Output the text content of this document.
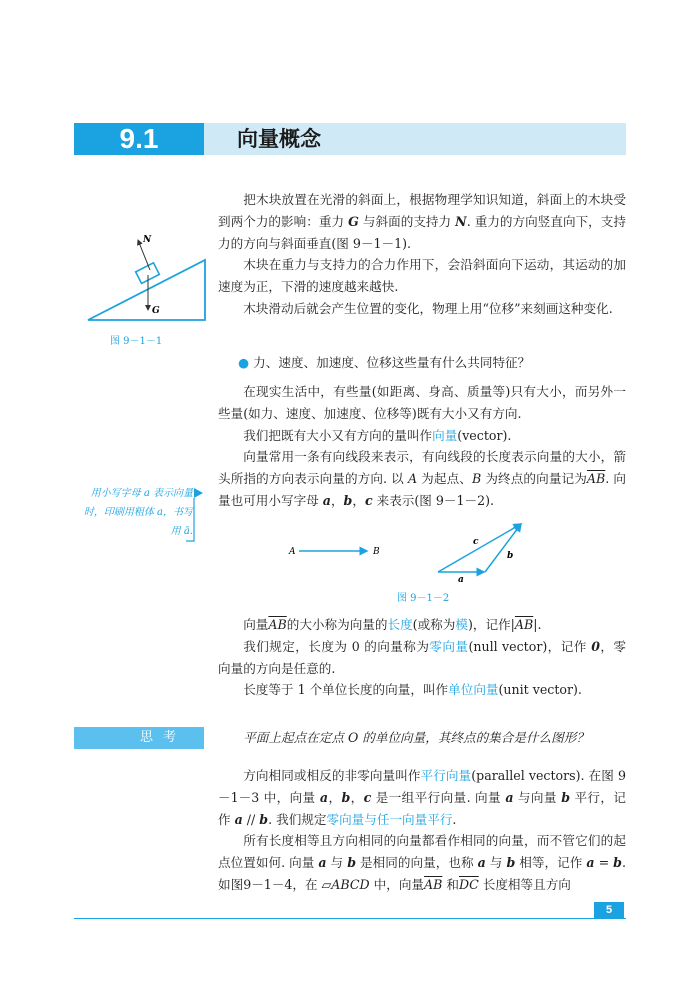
9.1	向量概念
N
G
图 9－1－1

把木块放置在光滑的斜面上，根据物理学知识知道，斜面上的木块受到两个力的影响：重力 G 与斜面的支持力 N. 重力的方向竖直向下，支持力的方向与斜面垂直(图 9－1－1).

木块在重力与支持力的合力作用下，会沿斜面向下运动，其运动的加速度为正，下滑的速度越来越快.

木块滑动后就会产生位置的变化，物理上用“位移”来刻画这种变化.

● 力、速度、加速度、位移这些量有什么共同特征？

在现实生活中，有些量(如距离、身高、质量等)只有大小，而另外一些量(如力、速度、加速度、位移等)既有大小又有方向.

我们把既有大小又有方向的量叫作向量(vector).

向量常用一条有向线段来表示，有向线段的长度表示向量的大小，箭头所指的方向表示向量的方向. 以 A 为起点、B 为终点的向量记为$\overline{AB}$. 向量也可用小写字母 a，b，c 来表示(图 9－1－2).

用小写字母 a 表示向量时，印刷用粗体 a，书写用 ā.
A	B
a
b
c
图 9－1－2

向量$\overline{AB}$的大小称为向量的长度(或称为模)，记作$|\overline{AB}|$.

我们规定，长度为 0 的向量称为零向量(null vector)，记作 0，零向量的方向是任意的.

长度等于 1 个单位长度的向量，叫作单位向量(unit vector).

思考	平面上起点在定点 O 的单位向量，其终点的集合是什么图形？

方向相同或相反的非零向量叫作平行向量(parallel vectors). 在图 9－1－3 中，向量 a，b，c 是一组平行向量. 向量 a 与向量 b 平行，记作 a // b. 我们规定零向量与任一向量平行.

所有长度相等且方向相同的向量都看作相同的向量，而不管它们的起点位置如何. 向量 a 与 b 是相同的向量，也称 a 与 b 相等，记作 a = b. 如图9－1－4，在 ▱ABCD 中，向量$\overline{AB}$ 和$\overline{DC}$ 长度相等且方向

5
